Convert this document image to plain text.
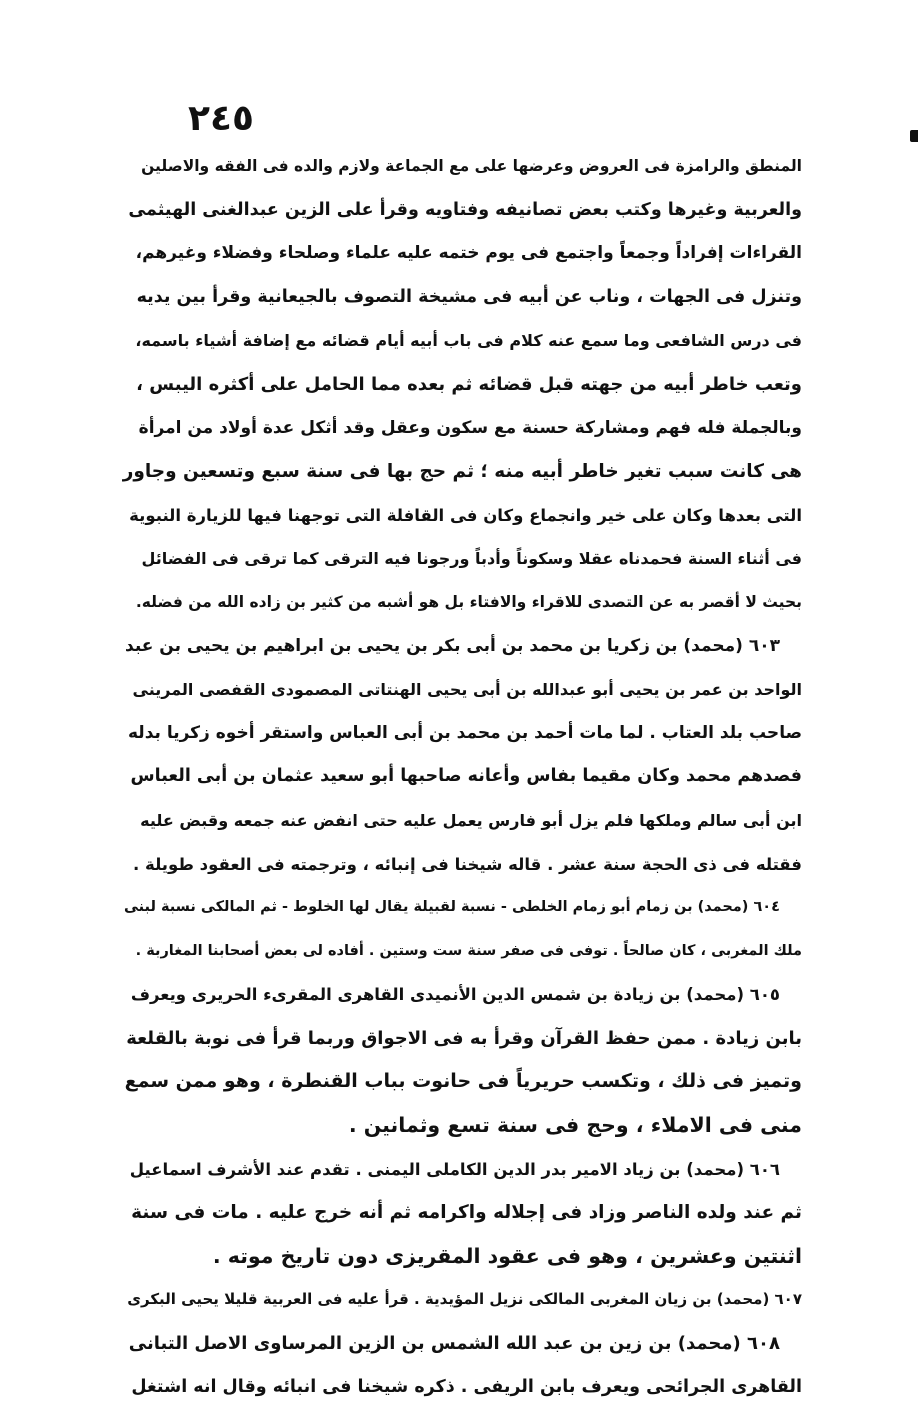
٢٤٥
المنطق والرامزة فى العروض وعرضها على مع الجماعة ولازم والده فى الفقه والاصلين
والعربية وغيرها وكتب بعض تصانيفه وفتاويه وقرأ على الزين عبدالغنى الهيثمى
القراءات إفراداً وجمعاً واجتمع فى يوم ختمه عليه علماء وصلحاء وفضلاء وغيرهم،
وتنزل فى الجهات ، وناب عن أبيه فى مشيخة التصوف بالجيعانية وقرأ بين يديه
فى درس الشافعى وما سمع عنه كلام فى باب أبيه أيام قضائه مع إضافة أشياء باسمه،
وتعب خاطر أبيه من جهته قبل قضائه ثم بعده مما الحامل على أكثره اليبس ،
وبالجملة فله فهم ومشاركة حسنة مع سكون وعقل وقد أثكل عدة أولاد من امرأة
هى كانت سبب تغير خاطر أبيه منه ؛ ثم حج بها فى سنة سبع وتسعين وجاور
التى بعدها وكان على خير وانجماع وكان فى القافلة التى توجهنا فيها للزيارة النبوية
فى أثناء السنة فحمدناه عقلا وسكوناً وأدباً ورجونا فيه الترقى كما ترقى فى الفضائل
بحيث لا أقصر به عن التصدى للاقراء والافتاء بل هو أشبه من كثير بن زاده الله من فضله.
٦٠٣ (محمد) بن زكريا بن محمد بن أبى بكر بن يحيى بن ابراهيم بن يحيى بن عبد
الواحد بن عمر بن يحيى أبو عبدالله بن أبى يحيى الهنتاتى المصمودى القفصى المرينى
صاحب بلد العتاب . لما مات أحمد بن محمد بن أبى العباس واستقر أخوه زكريا بدله
فصدهم محمد وكان مقيما بفاس وأعانه صاحبها أبو سعيد عثمان بن أبى العباس
ابن أبى سالم وملكها فلم يزل أبو فارس يعمل عليه حتى انفض عنه جمعه وقبض عليه
فقتله فى ذى الحجة سنة عشر . قاله شيخنا فى إنبائه ، وترجمته فى العقود طويلة .
٦٠٤ (محمد) بن زمام أبو زمام الخلطى - نسبة لقبيلة يقال لها الخلوط - ثم المالكى نسبة لبنى
ملك المغربى ، كان صالحاً . توفى فى صفر سنة ست وستين . أفاده لى بعض أصحابنا المغاربة .
٦٠٥ (محمد) بن زيادة بن شمس الدين الأنميدى القاهرى المقرىء الحريرى ويعرف
بابن زيادة . ممن حفظ القرآن وقرأ به فى الاجواق وربما قرأ فى نوبة بالقلعة
وتميز فى ذلك ، وتكسب حريرياً فى حانوت بباب القنطرة ، وهو ممن سمع
منى فى الاملاء ، وحج فى سنة تسع وثمانين .
٦٠٦ (محمد) بن زياد الامير بدر الدين الكاملى اليمنى . تقدم عند الأشرف اسماعيل
ثم عند ولده الناصر وزاد فى إجلاله واكرامه ثم أنه خرج عليه . مات فى سنة
اثنتين وعشرين ، وهو فى عقود المقريزى دون تاريخ موته .
٦٠٧ (محمد) بن زيان المغربى المالكى نزيل المؤيدية . قرأ عليه فى العربية قليلا يحيى البكرى
٦٠٨ (محمد) بن زين بن عبد الله الشمس بن الزين المرساوى الاصل التبانى
القاهرى الجرائحى ويعرف بابن الريفى . ذكره شيخنا فى انبائه وقال انه اشتغل
